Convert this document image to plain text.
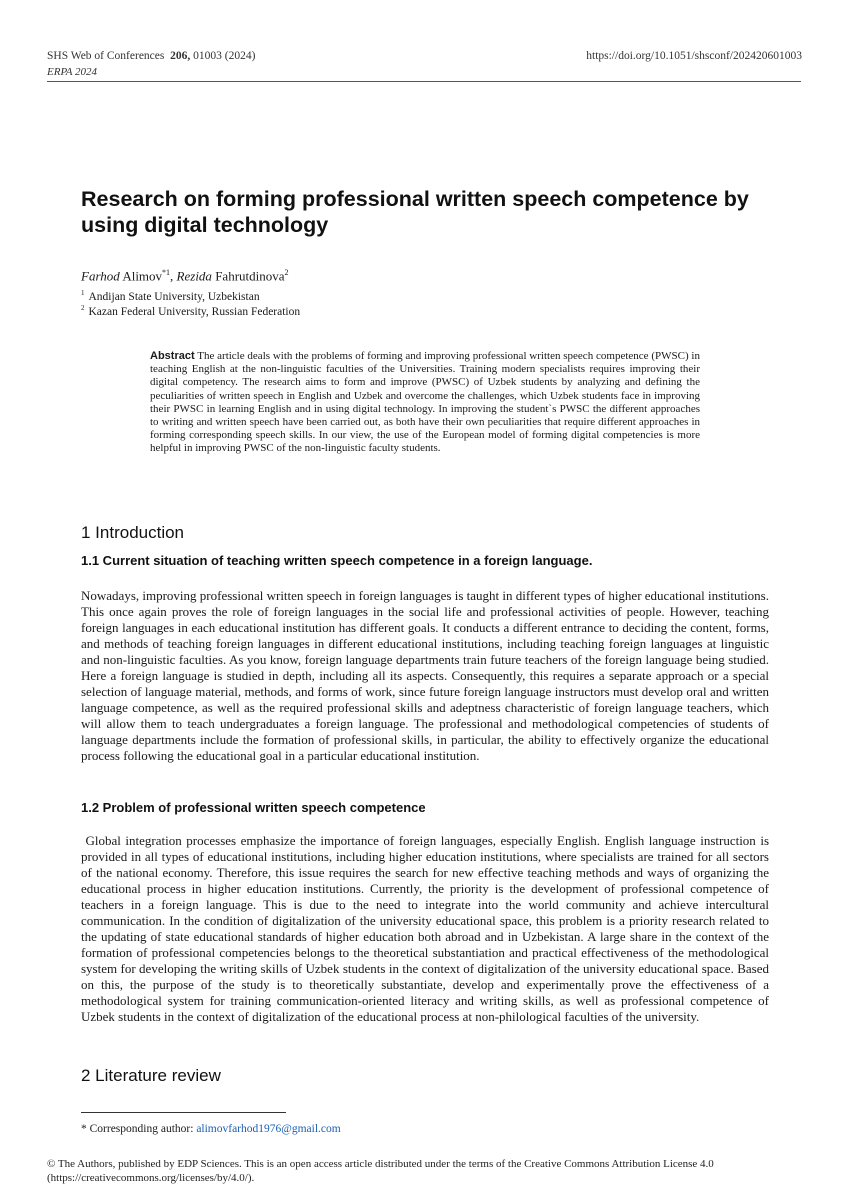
SHS Web of Conferences 206, 01003 (2024)
ERPA 2024
https://doi.org/10.1051/shsconf/202420601003
Research on forming professional written speech competence by using digital technology
Farhod Alimov$^{*1}$, Rezida Fahrutdinova$^2$
$^1$ Andijan State University, Uzbekistan
$^2$ Kazan Federal University, Russian Federation
Abstract The article deals with the problems of forming and improving professional written speech competence (PWSC) in teaching English at the non-linguistic faculties of the Universities. Training modern specialists requires improving their digital competency. The research aims to form and improve (PWSC) of Uzbek students by analyzing and defining the peculiarities of written speech in English and Uzbek and overcome the challenges, which Uzbek students face in improving their PWSC in learning English and in using digital technology. In improving the student`s PWSC the different approaches to writing and written speech have been carried out, as both have their own peculiarities that require different approaches in forming corresponding speech skills. In our view, the use of the European model of forming digital competencies is more helpful in improving PWSC of the non-linguistic faculty students.
1 Introduction
1.1 Current situation of teaching written speech competence in a foreign language.
Nowadays, improving professional written speech in foreign languages is taught in different types of higher educational institutions. This once again proves the role of foreign languages in the social life and professional activities of people. However, teaching foreign languages in each educational institution has different goals. It conducts a different entrance to deciding the content, forms, and methods of teaching foreign languages in different educational institutions, including teaching foreign languages at linguistic and non-linguistic faculties. As you know, foreign language departments train future teachers of the foreign language being studied. Here a foreign language is studied in depth, including all its aspects. Consequently, this requires a separate approach or a special selection of language material, methods, and forms of work, since future foreign language instructors must develop oral and written language competence, as well as the required professional skills and adeptness characteristic of foreign language teachers, which will allow them to teach undergraduates a foreign language. The professional and methodological competencies of students of language departments include the formation of professional skills, in particular, the ability to effectively organize the educational process following the educational goal in a particular educational institution.
1.2 Problem of professional written speech competence
Global integration processes emphasize the importance of foreign languages, especially English. English language instruction is provided in all types of educational institutions, including higher education institutions, where specialists are trained for all sectors of the national economy. Therefore, this issue requires the search for new effective teaching methods and ways of organizing the educational process in higher education institutions. Currently, the priority is the development of professional competence of teachers in a foreign language. This is due to the need to integrate into the world community and achieve intercultural communication. In the condition of digitalization of the university educational space, this problem is a priority research related to the updating of state educational standards of higher education both abroad and in Uzbekistan. A large share in the context of the formation of professional competencies belongs to the theoretical substantiation and practical effectiveness of the methodological system for developing the writing skills of Uzbek students in the context of digitalization of the university educational space. Based on this, the purpose of the study is to theoretically substantiate, develop and experimentally prove the effectiveness of a methodological system for training communication-oriented literacy and writing skills, as well as professional competence of Uzbek students in the context of digitalization of the educational process at non-philological faculties of the university.
2 Literature review
* Corresponding author: alimovfarhod1976@gmail.com
© The Authors, published by EDP Sciences. This is an open access article distributed under the terms of the Creative Commons Attribution License 4.0 (https://creativecommons.org/licenses/by/4.0/).
